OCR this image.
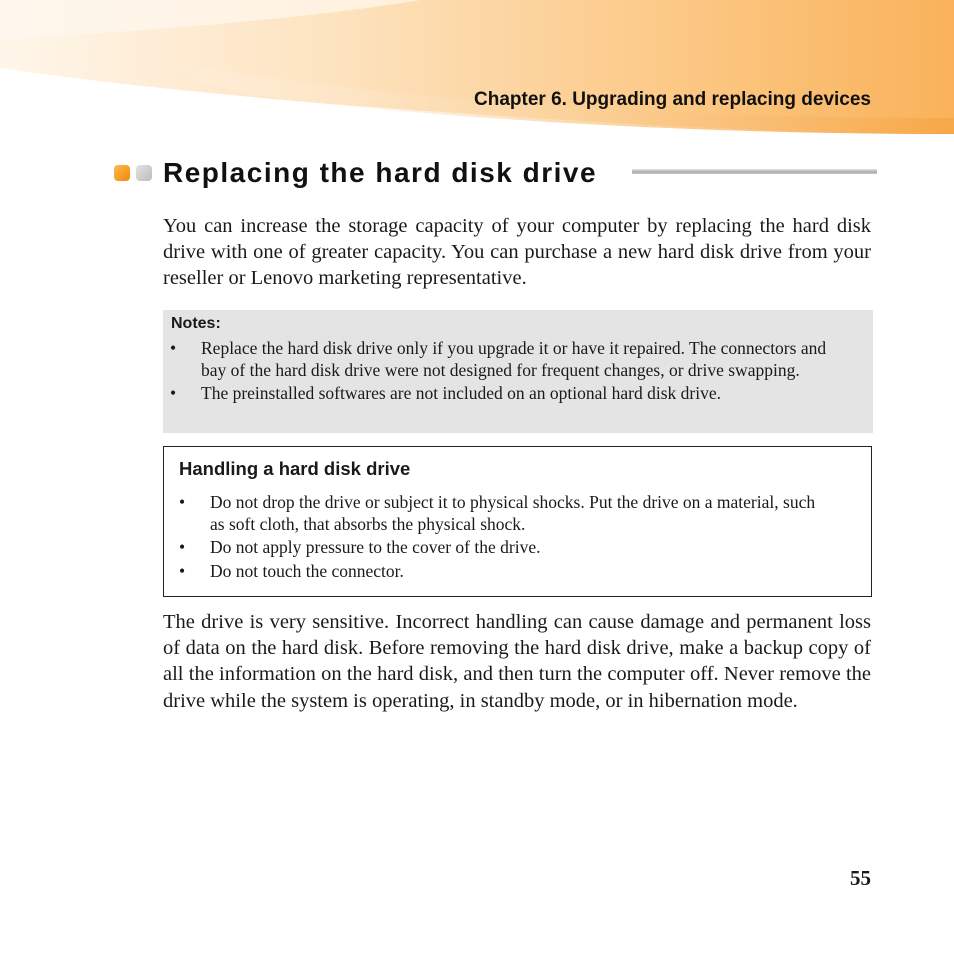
Chapter 6. Upgrading and replacing devices
Replacing the hard disk drive

You can increase the storage capacity of your computer by replacing the hard disk drive with one of greater capacity. You can purchase a new hard disk drive from your reseller or Lenovo marketing representative.

Notes:
• Replace the hard disk drive only if you upgrade it or have it repaired. The connectors and bay of the hard disk drive were not designed for frequent changes, or drive swapping.
• The preinstalled softwares are not included on an optional hard disk drive.
Handling a hard disk drive
• Do not drop the drive or subject it to physical shocks. Put the drive on a material, such as soft cloth, that absorbs the physical shock.
• Do not apply pressure to the cover of the drive.
• Do not touch the connector.

The drive is very sensitive. Incorrect handling can cause damage and permanent loss of data on the hard disk. Before removing the hard disk drive, make a backup copy of all the information on the hard disk, and then turn the computer off. Never remove the drive while the system is operating, in standby mode, or in hibernation mode.

55
